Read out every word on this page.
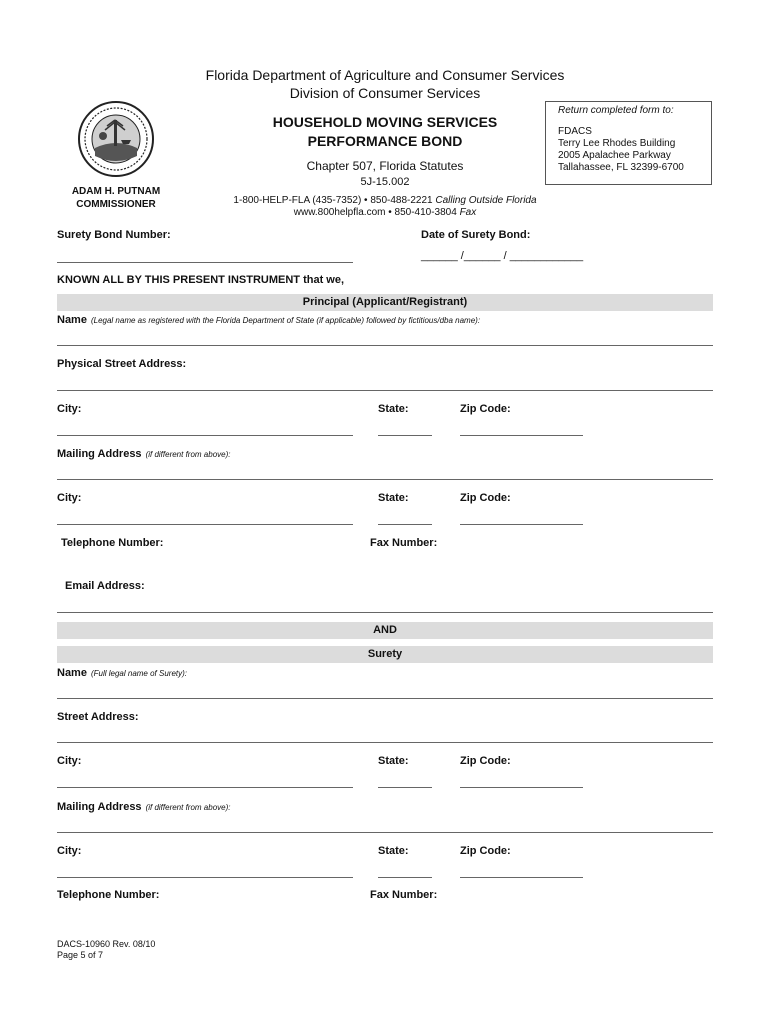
Florida Department of Agriculture and Consumer Services
Division of Consumer Services
ADAM H. PUTNAM
COMMISSIONER
HOUSEHOLD MOVING SERVICES
PERFORMANCE BOND
Chapter 507, Florida Statutes
5J-15.002
1-800-HELP-FLA (435-7352) • 850-488-2221 Calling Outside Florida
www.800helpfla.com • 850-410-3804 Fax
Return completed form to:
FDACS
Terry Lee Rhodes Building
2005 Apalachee Parkway
Tallahassee, FL 32399-6700
Surety Bond Number:	Date of Surety Bond:
______ /______ / ____________
KNOWN ALL BY THIS PRESENT INSTRUMENT that we,
Principal (Applicant/Registrant)
Name (Legal name as registered with the Florida Department of State (if applicable) followed by fictitious/dba name):
Physical Street Address:
City:	State:	Zip Code:
Mailing Address (if different from above):
City:	State:	Zip Code:
Telephone Number:	Fax Number:
Email Address:
AND
Surety
Name (Full legal name of Surety):
Street Address:
City:	State:	Zip Code:
Mailing Address (if different from above):
City:	State:	Zip Code:
Telephone Number:	Fax Number:
DACS-10960 Rev. 08/10
Page 5 of 7
